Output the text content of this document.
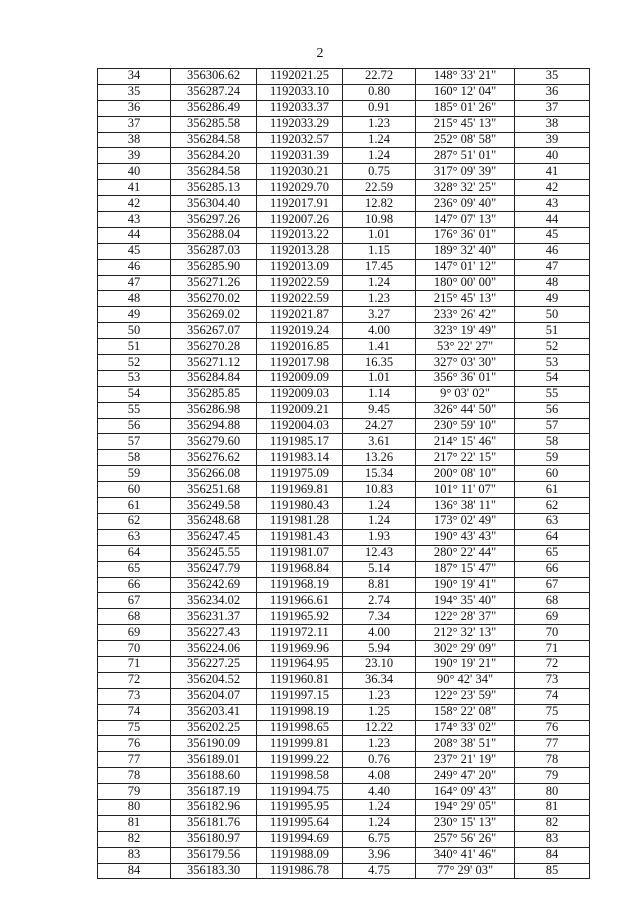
2
34	356306.62	1192021.25	22.72	148° 33' 21"	35
35	356287.24	1192033.10	0.80	160° 12' 04"	36
36	356286.49	1192033.37	0.91	185° 01' 26"	37
37	356285.58	1192033.29	1.23	215° 45' 13"	38
38	356284.58	1192032.57	1.24	252° 08' 58"	39
39	356284.20	1192031.39	1.24	287° 51' 01"	40
40	356284.58	1192030.21	0.75	317° 09' 39"	41
41	356285.13	1192029.70	22.59	328° 32' 25"	42
42	356304.40	1192017.91	12.82	236° 09' 40"	43
43	356297.26	1192007.26	10.98	147° 07' 13"	44
44	356288.04	1192013.22	1.01	176° 36' 01"	45
45	356287.03	1192013.28	1.15	189° 32' 40"	46
46	356285.90	1192013.09	17.45	147° 01' 12"	47
47	356271.26	1192022.59	1.24	180° 00' 00"	48
48	356270.02	1192022.59	1.23	215° 45' 13"	49
49	356269.02	1192021.87	3.27	233° 26' 42"	50
50	356267.07	1192019.24	4.00	323° 19' 49"	51
51	356270.28	1192016.85	1.41	53° 22' 27"	52
52	356271.12	1192017.98	16.35	327° 03' 30"	53
53	356284.84	1192009.09	1.01	356° 36' 01"	54
54	356285.85	1192009.03	1.14	9° 03' 02"	55
55	356286.98	1192009.21	9.45	326° 44' 50"	56
56	356294.88	1192004.03	24.27	230° 59' 10"	57
57	356279.60	1191985.17	3.61	214° 15' 46"	58
58	356276.62	1191983.14	13.26	217° 22' 15"	59
59	356266.08	1191975.09	15.34	200° 08' 10"	60
60	356251.68	1191969.81	10.83	101° 11' 07"	61
61	356249.58	1191980.43	1.24	136° 38' 11"	62
62	356248.68	1191981.28	1.24	173° 02' 49"	63
63	356247.45	1191981.43	1.93	190° 43' 43"	64
64	356245.55	1191981.07	12.43	280° 22' 44"	65
65	356247.79	1191968.84	5.14	187° 15' 47"	66
66	356242.69	1191968.19	8.81	190° 19' 41"	67
67	356234.02	1191966.61	2.74	194° 35' 40"	68
68	356231.37	1191965.92	7.34	122° 28' 37"	69
69	356227.43	1191972.11	4.00	212° 32' 13"	70
70	356224.06	1191969.96	5.94	302° 29' 09"	71
71	356227.25	1191964.95	23.10	190° 19' 21"	72
72	356204.52	1191960.81	36.34	90° 42' 34"	73
73	356204.07	1191997.15	1.23	122° 23' 59"	74
74	356203.41	1191998.19	1.25	158° 22' 08"	75
75	356202.25	1191998.65	12.22	174° 33' 02"	76
76	356190.09	1191999.81	1.23	208° 38' 51"	77
77	356189.01	1191999.22	0.76	237° 21' 19"	78
78	356188.60	1191998.58	4.08	249° 47' 20"	79
79	356187.19	1191994.75	4.40	164° 09' 43"	80
80	356182.96	1191995.95	1.24	194° 29' 05"	81
81	356181.76	1191995.64	1.24	230° 15' 13"	82
82	356180.97	1191994.69	6.75	257° 56' 26"	83
83	356179.56	1191988.09	3.96	340° 41' 46"	84
84	356183.30	1191986.78	4.75	77° 29' 03"	85
